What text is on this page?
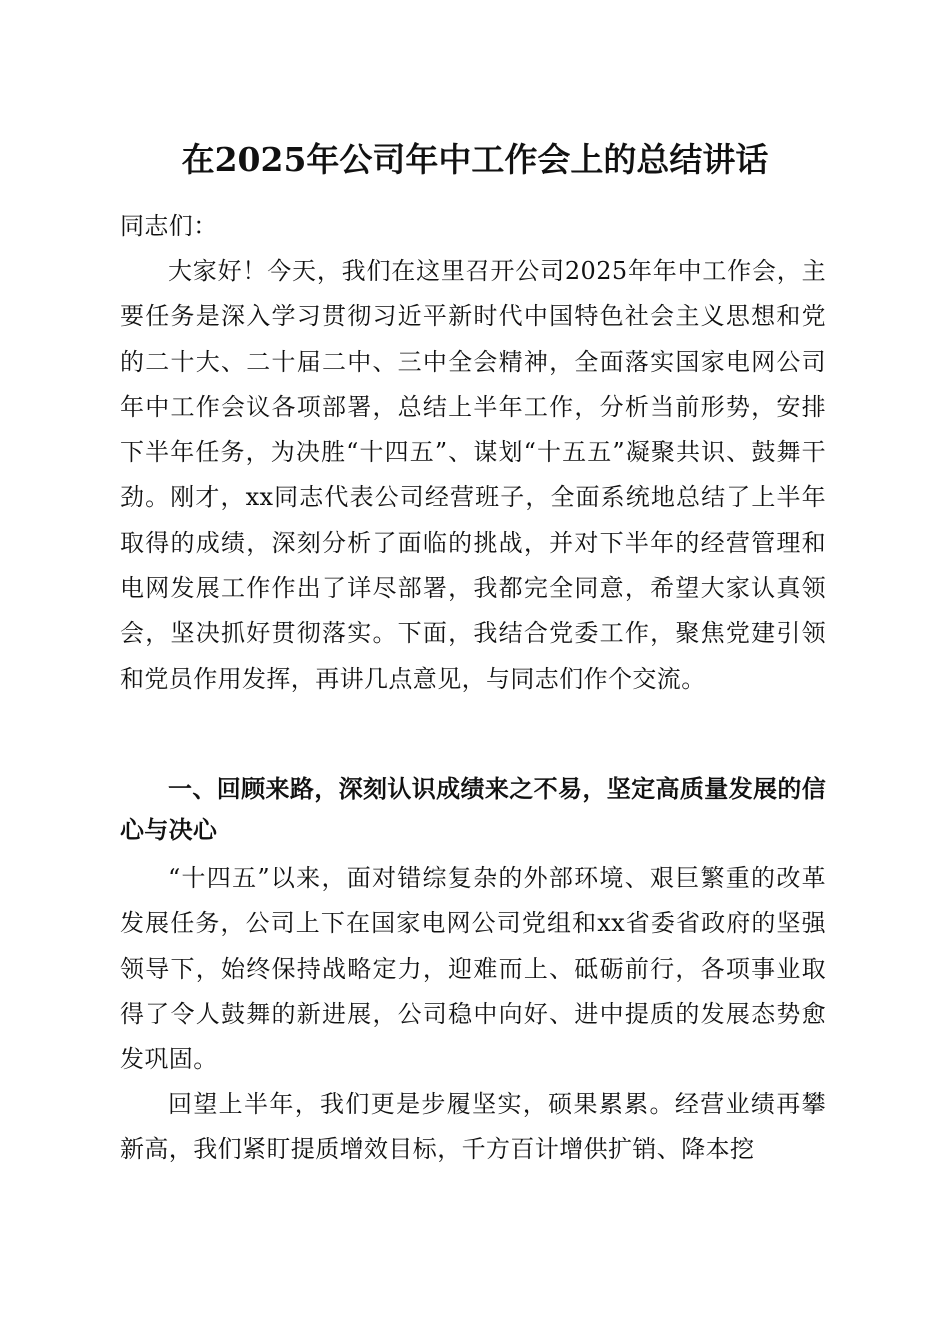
在2025年公司年中工作会上的总结讲话
同志们：
大家好！今天，我们在这里召开公司2025年年中工作会，主要任务是深入学习贯彻习近平新时代中国特色社会主义思想和党的二十大、二十届二中、三中全会精神，全面落实国家电网公司年中工作会议各项部署，总结上半年工作，分析当前形势，安排下半年任务，为决胜“十四五”、谋划“十五五”凝聚共识、鼓舞干劲。刚才，xx同志代表公司经营班子，全面系统地总结了上半年取得的成绩，深刻分析了面临的挑战，并对下半年的经营管理和电网发展工作作出了详尽部署，我都完全同意，希望大家认真领会，坚决抓好贯彻落实。下面，我结合党委工作，聚焦党建引领和党员作用发挥，再讲几点意见，与同志们作个交流。
一、回顾来路，深刻认识成绩来之不易，坚定高质量发展的信心与决心
“十四五”以来，面对错综复杂的外部环境、艰巨繁重的改革发展任务，公司上下在国家电网公司党组和xx省委省政府的坚强领导下，始终保持战略定力，迎难而上、砥砺前行，各项事业取得了令人鼓舞的新进展，公司稳中向好、进中提质的发展态势愈发巩固。
回望上半年，我们更是步履坚实，硕果累累。经营业绩再攀新高，我们紧盯提质增效目标，千方百计增供扩销、降本挖
